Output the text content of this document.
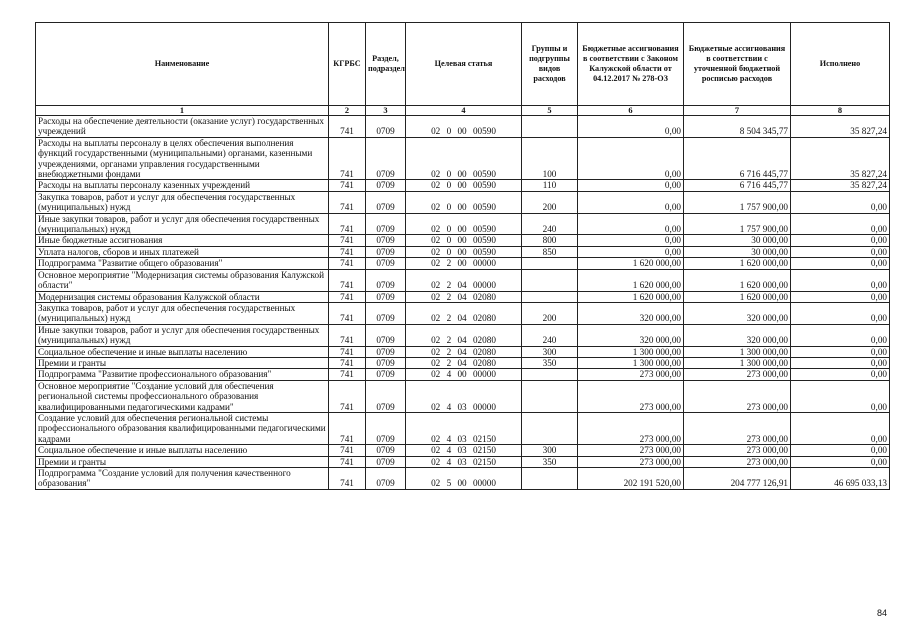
Наименование	КГРБС	Раздел, подраздел	Целевая статья	Группы и подгруппы видов расходов	Бюджетные ассигнования в соответствии с Законом Калужской области от 04.12.2017 № 278-ОЗ	Бюджетные ассигнования в соответствии с уточненной бюджетной росписью расходов	Исполнено
1	2	3	4	5	6	7	8
Расходы на обеспечение деятельности (оказание услуг) государственных учреждений	741	0709	02 0 00 00590		0,00	8 504 345,77	35 827,24
Расходы на выплаты персоналу в целях обеспечения выполнения функций государственными (муниципальными) органами, казенными учреждениями, органами управления государственными внебюджетными фондами	741	0709	02 0 00 00590	100	0,00	6 716 445,77	35 827,24
Расходы на выплаты персоналу казенных учреждений	741	0709	02 0 00 00590	110	0,00	6 716 445,77	35 827,24
Закупка товаров, работ и услуг для обеспечения государственных (муниципальных) нужд	741	0709	02 0 00 00590	200	0,00	1 757 900,00	0,00
Иные закупки товаров, работ и услуг для обеспечения государственных (муниципальных) нужд	741	0709	02 0 00 00590	240	0,00	1 757 900,00	0,00
Иные бюджетные ассигнования	741	0709	02 0 00 00590	800	0,00	30 000,00	0,00
Уплата налогов, сборов и иных платежей	741	0709	02 0 00 00590	850	0,00	30 000,00	0,00
Подпрограмма "Развитие общего образования"	741	0709	02 2 00 00000		1 620 000,00	1 620 000,00	0,00
Основное мероприятие "Модернизация системы образования Калужской области"	741	0709	02 2 04 00000		1 620 000,00	1 620 000,00	0,00
Модернизация системы образования Калужской области	741	0709	02 2 04 02080		1 620 000,00	1 620 000,00	0,00
Закупка товаров, работ и услуг для обеспечения государственных (муниципальных) нужд	741	0709	02 2 04 02080	200	320 000,00	320 000,00	0,00
Иные закупки товаров, работ и услуг для обеспечения государственных (муниципальных) нужд	741	0709	02 2 04 02080	240	320 000,00	320 000,00	0,00
Социальное обеспечение и иные выплаты населению	741	0709	02 2 04 02080	300	1 300 000,00	1 300 000,00	0,00
Премии и гранты	741	0709	02 2 04 02080	350	1 300 000,00	1 300 000,00	0,00
Подпрограмма "Развитие профессионального образования"	741	0709	02 4 00 00000		273 000,00	273 000,00	0,00
Основное мероприятие "Создание условий для обеспечения региональной системы профессионального образования квалифицированными педагогическими кадрами"	741	0709	02 4 03 00000		273 000,00	273 000,00	0,00
Создание условий для обеспечения региональной системы профессионального образования квалифицированными педагогическими кадрами	741	0709	02 4 03 02150		273 000,00	273 000,00	0,00
Социальное обеспечение и иные выплаты населению	741	0709	02 4 03 02150	300	273 000,00	273 000,00	0,00
Премии и гранты	741	0709	02 4 03 02150	350	273 000,00	273 000,00	0,00
Подпрограмма "Создание условий для получения качественного образования"	741	0709	02 5 00 00000		202 191 520,00	204 777 126,91	46 695 033,13
84
